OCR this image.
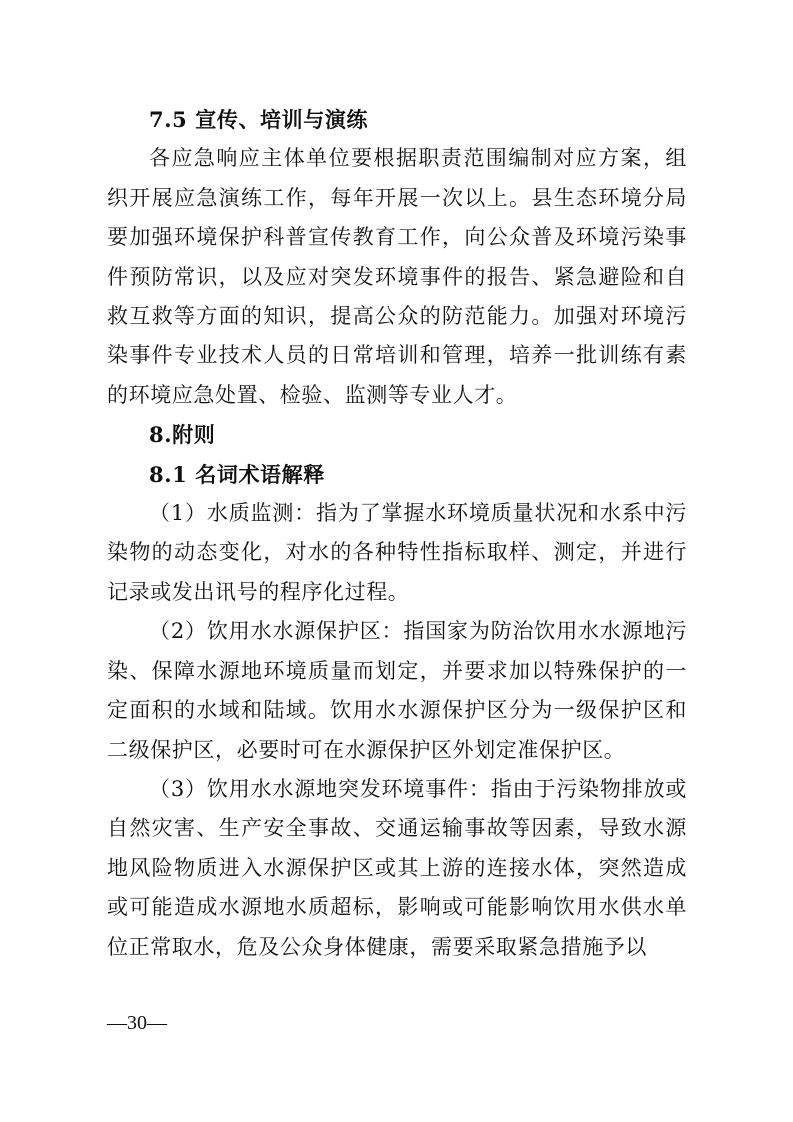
7.5 宣传、培训与演练

各应急响应主体单位要根据职责范围编制对应方案，组织开展应急演练工作，每年开展一次以上。县生态环境分局要加强环境保护科普宣传教育工作，向公众普及环境污染事件预防常识，以及应对突发环境事件的报告、紧急避险和自救互救等方面的知识，提高公众的防范能力。加强对环境污染事件专业技术人员的日常培训和管理，培养一批训练有素的环境应急处置、检验、监测等专业人才。

8.附则

8.1 名词术语解释

（1）水质监测：指为了掌握水环境质量状况和水系中污染物的动态变化，对水的各种特性指标取样、测定，并进行记录或发出讯号的程序化过程。

（2）饮用水水源保护区：指国家为防治饮用水水源地污染、保障水源地环境质量而划定，并要求加以特殊保护的一定面积的水域和陆域。饮用水水源保护区分为一级保护区和二级保护区，必要时可在水源保护区外划定准保护区。

（3）饮用水水源地突发环境事件：指由于污染物排放或自然灾害、生产安全事故、交通运输事故等因素，导致水源地风险物质进入水源保护区或其上游的连接水体，突然造成或可能造成水源地水质超标，影响或可能影响饮用水供水单位正常取水，危及公众身体健康，需要采取紧急措施予以

—30—
